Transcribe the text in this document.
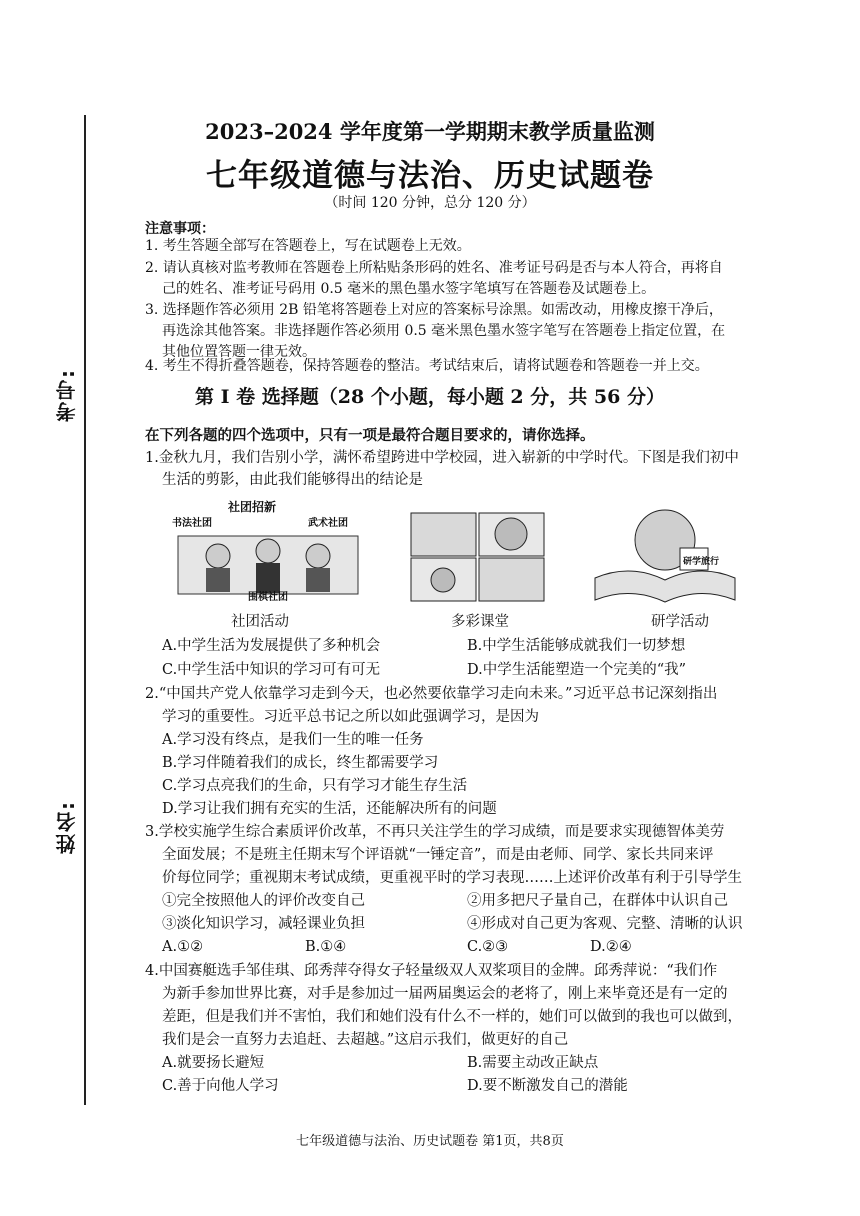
考号:
姓名:
2023–2024 学年度第一学期期末教学质量监测
七年级道德与法治、历史试题卷
（时间 120 分钟，总分 120 分）
注意事项：
1. 考生答题全部写在答题卷上，写在试题卷上无效。
2. 请认真核对监考教师在答题卷上所粘贴条形码的姓名、准考证号码是否与本人符合，再将自
己的姓名、准考证号码用 0.5 毫米的黑色墨水签字笔填写在答题卷及试题卷上。
3. 选择题作答必须用 2B 铅笔将答题卷上对应的答案标号涂黑。如需改动，用橡皮擦干净后，
再选涂其他答案。非选择题作答必须用 0.5 毫米黑色墨水签字笔写在答题卷上指定位置，在
其他位置答题一律无效。
4. 考生不得折叠答题卷，保持答题卷的整洁。考试结束后，请将试题卷和答题卷一并上交。
第 I 卷 选择题（28 个小题，每小题 2 分，共 56 分）
在下列各题的四个选项中，只有一项是最符合题目要求的，请你选择。
1.金秋九月，我们告别小学，满怀希望跨进中学校园，进入崭新的中学时代。下图是我们初中
生活的剪影，由此我们能够得出的结论是
社团招新
书法社团	武术社团
围棋社团
研学旅行
社团活动	多彩课堂	研学活动
A.中学生活为发展提供了多种机会	B.中学生活能够成就我们一切梦想
C.中学生活中知识的学习可有可无	D.中学生活能塑造一个完美的“我”
2.“中国共产党人依靠学习走到今天，也必然要依靠学习走向未来。”习近平总书记深刻指出
学习的重要性。习近平总书记之所以如此强调学习，是因为
A.学习没有终点，是我们一生的唯一任务
B.学习伴随着我们的成长，终生都需要学习
C.学习点亮我们的生命，只有学习才能生存生活
D.学习让我们拥有充实的生活，还能解决所有的问题
3.学校实施学生综合素质评价改革，不再只关注学生的学习成绩，而是要求实现德智体美劳
全面发展；不是班主任期末写个评语就“一锤定音”，而是由老师、同学、家长共同来评
价每位同学；重视期末考试成绩，更重视平时的学习表现……上述评价改革有利于引导学生
①完全按照他人的评价改变自己	②用多把尺子量自己，在群体中认识自己
③淡化知识学习，减轻课业负担	④形成对自己更为客观、完整、清晰的认识
A.①②	B.①④	C.②③	D.②④
4.中国赛艇选手邹佳琪、邱秀萍夺得女子轻量级双人双桨项目的金牌。邱秀萍说：“我们作
为新手参加世界比赛，对手是参加过一届两届奥运会的老将了，刚上来毕竟还是有一定的
差距，但是我们并不害怕，我们和她们没有什么不一样的，她们可以做到的我也可以做到，
我们是会一直努力去追赶、去超越。”这启示我们，做更好的自己
A.就要扬长避短	B.需要主动改正缺点
C.善于向他人学习	D.要不断激发自己的潜能
七年级道德与法治、历史试题卷 第1页，共8页
